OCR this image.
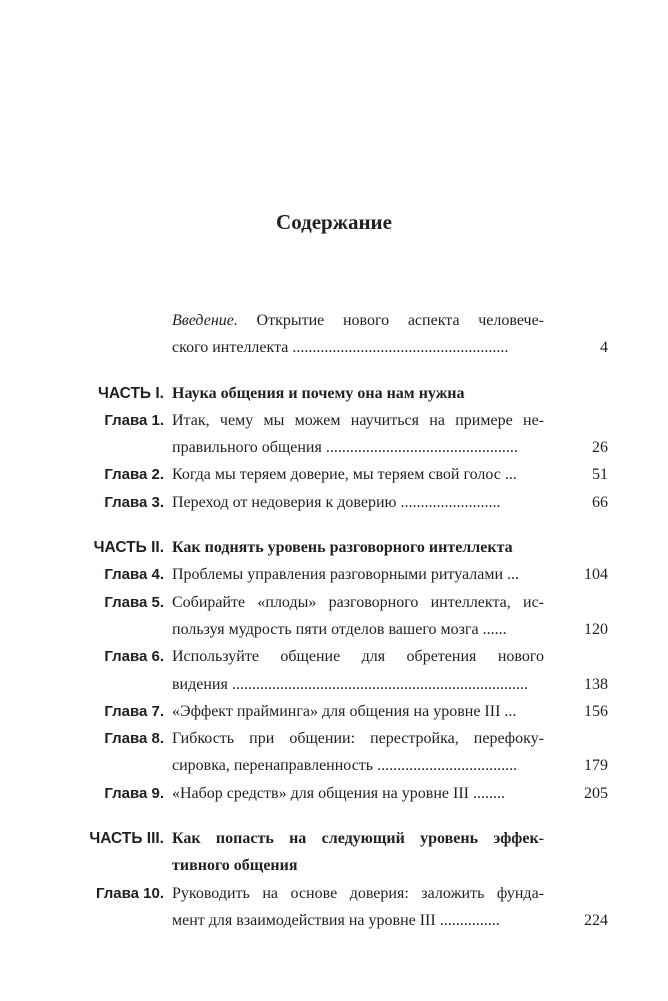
Содержание
Введение. Открытие нового аспекта человече-
ского интеллекта ......................................................	4
ЧАСТЬ I. Наука общения и почему она нам нужна
Глава 1. Итак, чему мы можем научиться на примере не-
правильного общения ................................................	26
Глава 2. Когда мы теряем доверие, мы теряем свой голос ...	51
Глава 3. Переход от недоверия к доверию .........................	66
ЧАСТЬ II. Как поднять уровень разговорного интеллекта
Глава 4. Проблемы управления разговорными ритуалами ...	104
Глава 5. Собирайте «плоды» разговорного интеллекта, ис-
пользуя мудрость пяти отделов вашего мозга ......	120
Глава 6. Используйте общение для обретения нового
видения ..........................................................................	138
Глава 7. «Эффект прайминга» для общения на уровне III ...	156
Глава 8. Гибкость при общении: перестройка, перефоку-
сировка, перенаправленность ...................................	179
Глава 9. «Набор средств» для общения на уровне III ........	205
ЧАСТЬ III. Как попасть на следующий уровень эффек-
тивного общения
Глава 10. Руководить на основе доверия: заложить фунда-
мент для взаимодействия на уровне III ...............	224
